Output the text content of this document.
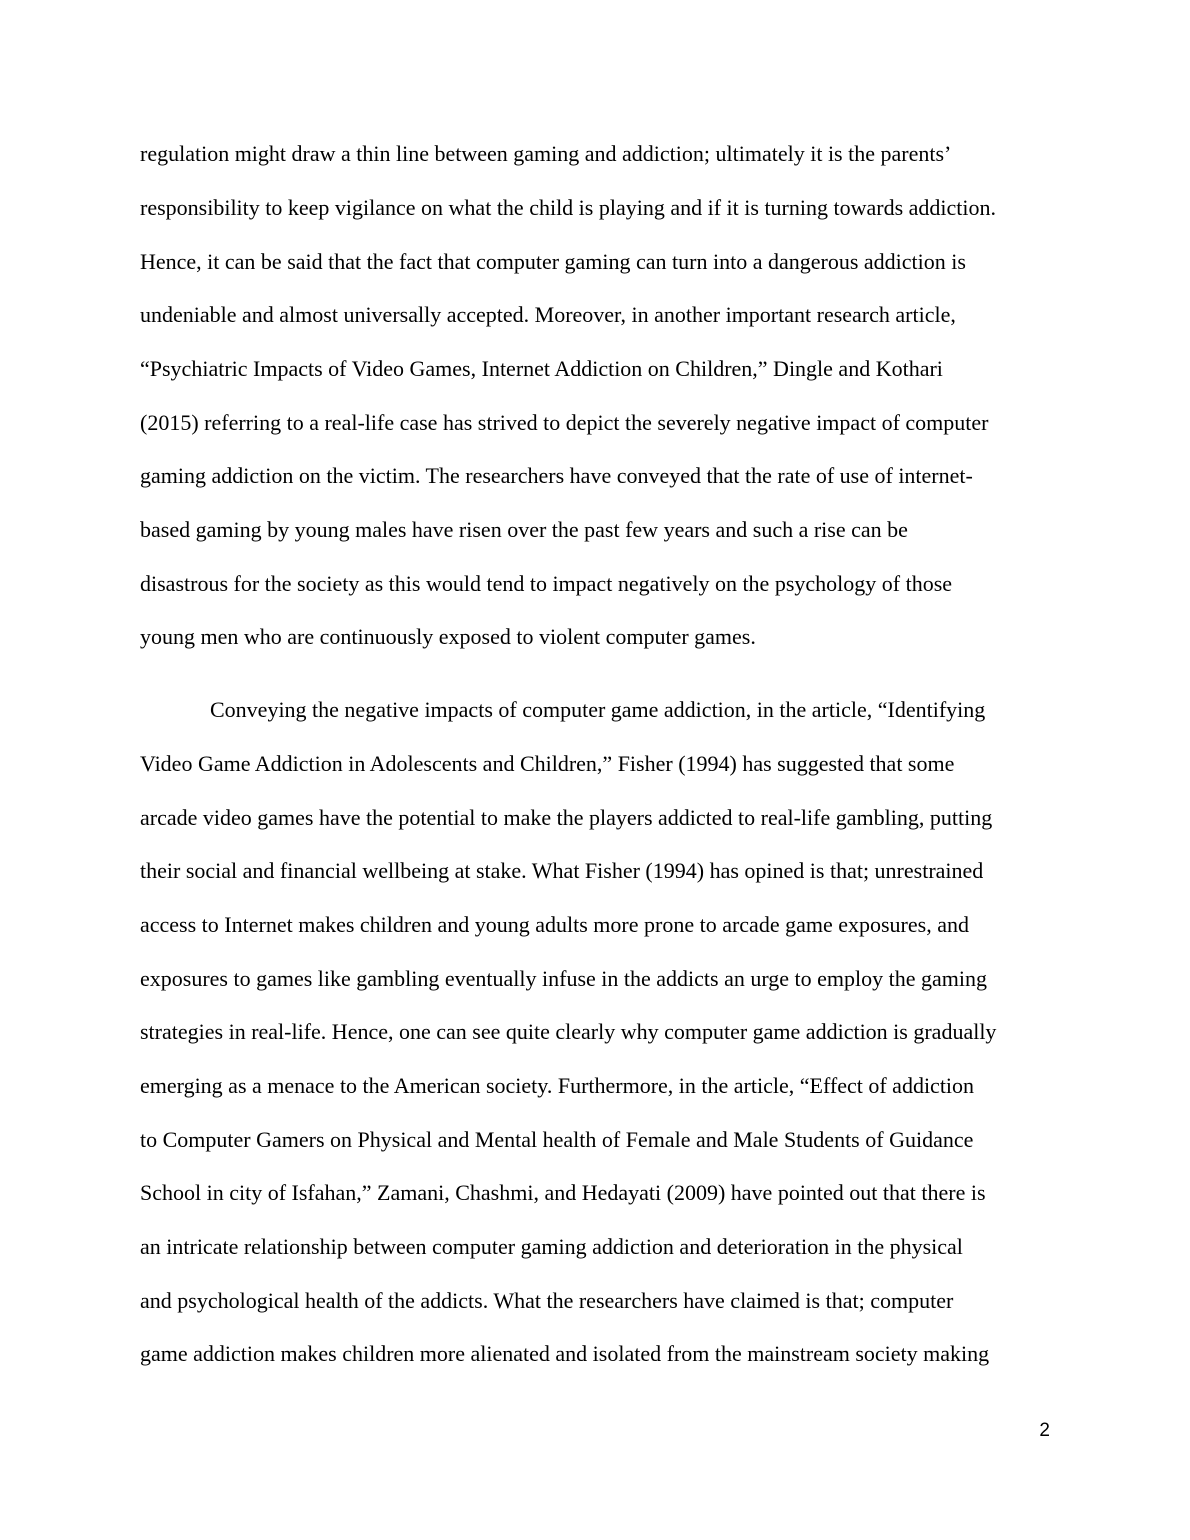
regulation might draw a thin line between gaming and addiction; ultimately it is the parents’

responsibility to keep vigilance on what the child is playing and if it is turning towards addiction.

Hence, it can be said that the fact that computer gaming can turn into a dangerous addiction is

undeniable and almost universally accepted. Moreover, in another important research article,

“Psychiatric Impacts of Video Games, Internet Addiction on Children,” Dingle and Kothari

(2015) referring to a real-life case has strived to depict the severely negative impact of computer

gaming addiction on the victim. The researchers have conveyed that the rate of use of internet-

based gaming by young males have risen over the past few years and such a rise can be

disastrous for the society as this would tend to impact negatively on the psychology of those

young men who are continuously exposed to violent computer games.

Conveying the negative impacts of computer game addiction, in the article, “Identifying

Video Game Addiction in Adolescents and Children,” Fisher (1994) has suggested that some

arcade video games have the potential to make the players addicted to real-life gambling, putting

their social and financial wellbeing at stake. What Fisher (1994) has opined is that; unrestrained

access to Internet makes children and young adults more prone to arcade game exposures, and

exposures to games like gambling eventually infuse in the addicts an urge to employ the gaming

strategies in real-life. Hence, one can see quite clearly why computer game addiction is gradually

emerging as a menace to the American society. Furthermore, in the article, “Effect of addiction

to Computer Gamers on Physical and Mental health of Female and Male Students of Guidance

School in city of Isfahan,” Zamani, Chashmi, and Hedayati (2009) have pointed out that there is

an intricate relationship between computer gaming addiction and deterioration in the physical

and psychological health of the addicts. What the researchers have claimed is that; computer

game addiction makes children more alienated and isolated from the mainstream society making

2
